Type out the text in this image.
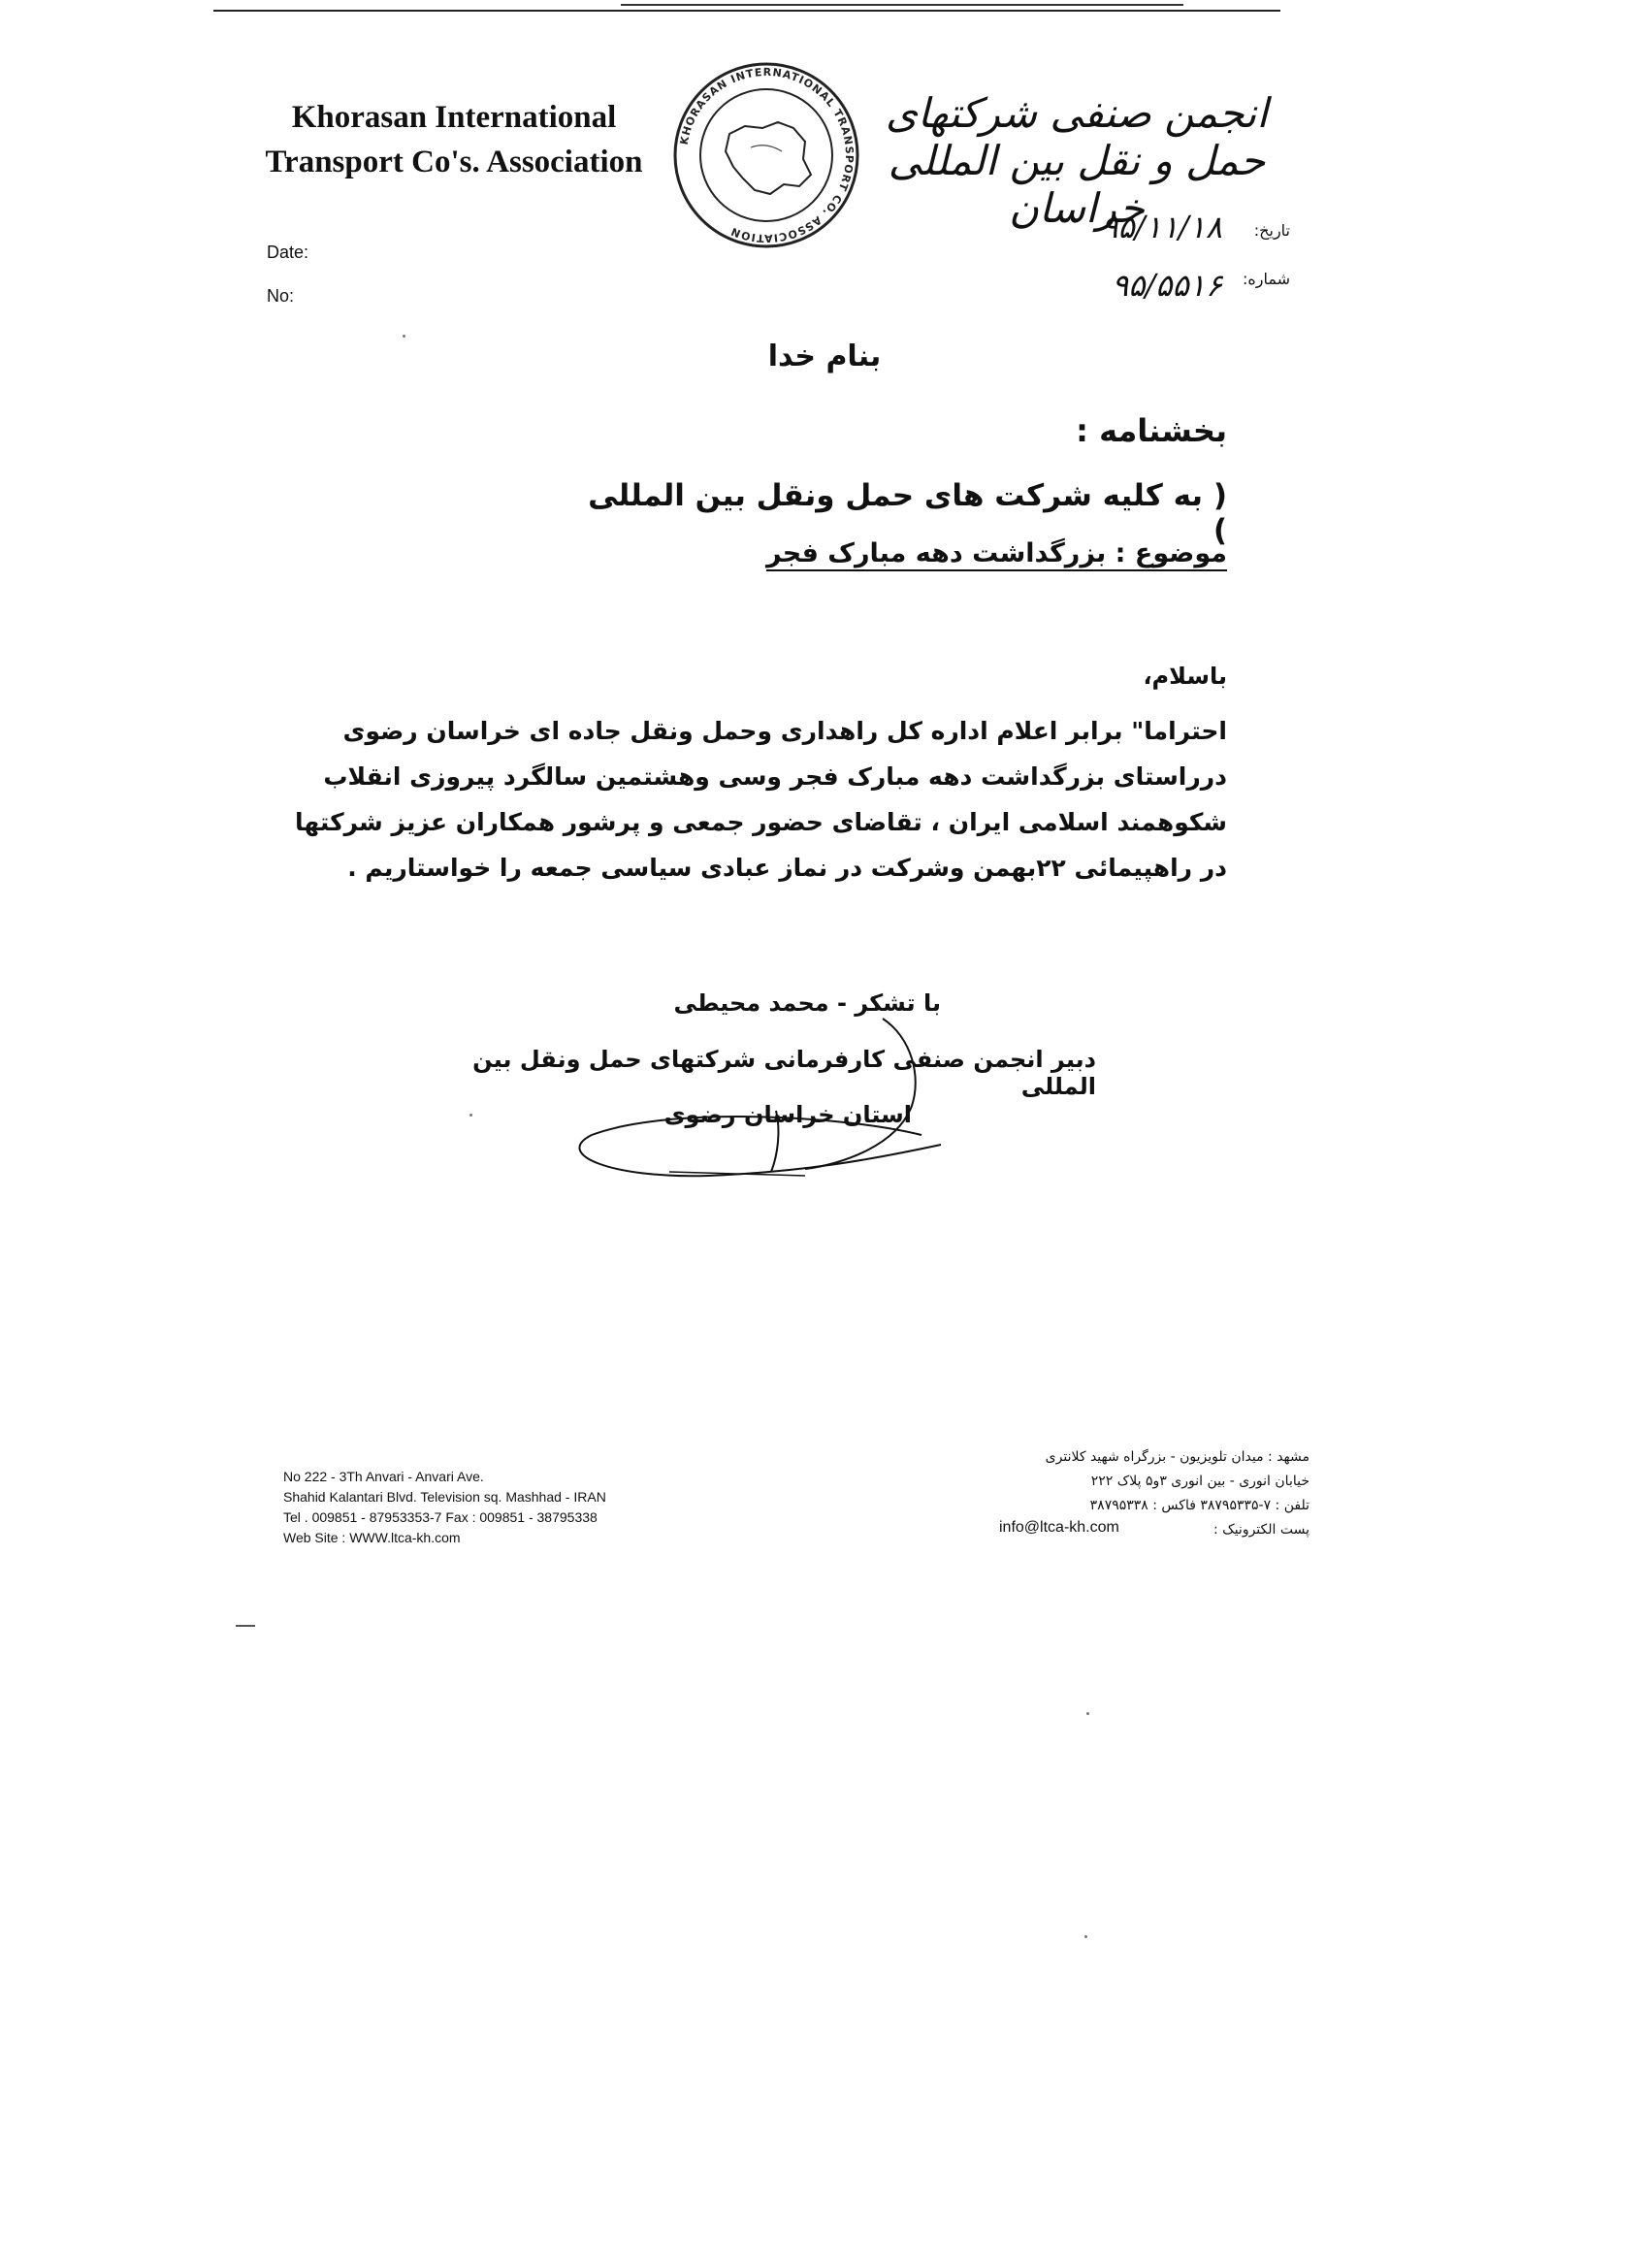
Khorasan International
Transport Co's. Association
KHORASAN INTERNATIONAL TRANSPORT CO. ASSOCIATION
انجمن صنفی شرکتهای حمل و نقل بین المللی خراسان
Date:
No:
تاریخ:
شماره:
۹۵/۱۱/۱۸
۹۵/۵۵۱۶
بنام خدا
بخشنامه :
( به کلیه شرکت های حمل ونقل بین المللی )
موضوع : بزرگداشت دهه مبارک فجر
باسلام،

احتراما" برابر اعلام اداره کل راهداری وحمل ونقل جاده ای خراسان رضوی

درراستای بزرگداشت دهه مبارک فجر وسی وهشتمین سالگرد پیروزی انقلاب

شکوهمند اسلامی ایران ، تقاضای حضور جمعی و پرشور همکاران عزیز شرکتها

در راهپیمائی ۲۲بهمن وشرکت در نماز عبادی سیاسی جمعه را خواستاریم .

با تشکر - محمد محیطی
دبیر انجمن صنفی کارفرمانی شرکتهای حمل ونقل بین المللی
استان خراسان رضوی
No 222 - 3Th Anvari - Anvari Ave.
Shahid Kalantari Blvd. Television sq. Mashhad - IRAN
Tel . 009851 - 87953353-7 Fax : 009851 - 38795338
Web Site : WWW.ltca-kh.com
مشهد : میدان تلویزیون - بزرگراه شهید کلانتری
خیابان انوری - بین انوری ۳و۵ پلاک ۲۲۲
تلفن : ۷-۳۸۷۹۵۳۳۵ فاکس : ۳۸۷۹۵۳۳۸
پست الکترونیک :
info@ltca-kh.com
